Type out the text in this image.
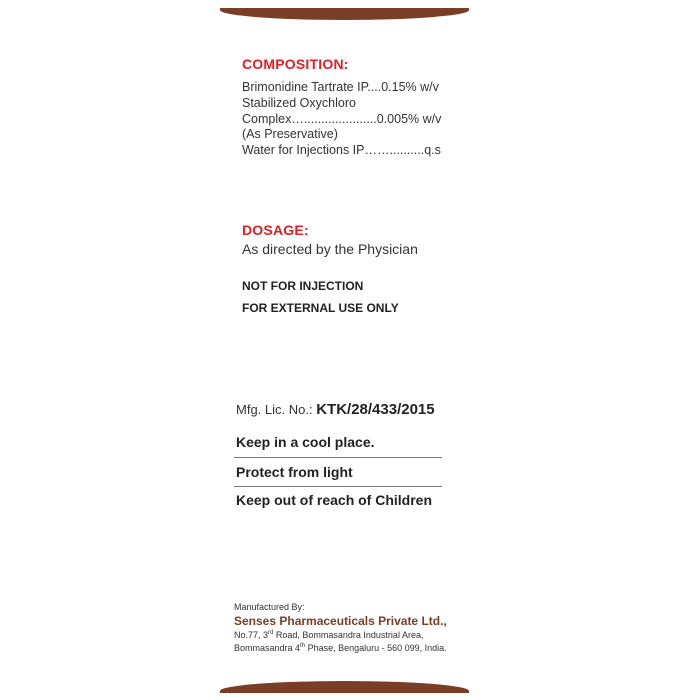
COMPOSITION:
Brimonidine Tartrate IP....0.15% w/v
Stabilized Oxychloro
Complex….....................0.005% w/v
(As Preservative)
Water for Injections IP……..........q.s
DOSAGE:
As directed by the Physician
NOT FOR INJECTION
FOR EXTERNAL USE ONLY
Mfg. Lic. No.: KTK/28/433/2015
Keep in a cool place.
Protect from light
Keep out of reach of Children
Manufactured By:
Senses Pharmaceuticals Private Ltd.,
No.77, 3rd Road, Bommasandra Industrial Area,
Bommasandra 4th Phase, Bengaluru - 560 099, India.
